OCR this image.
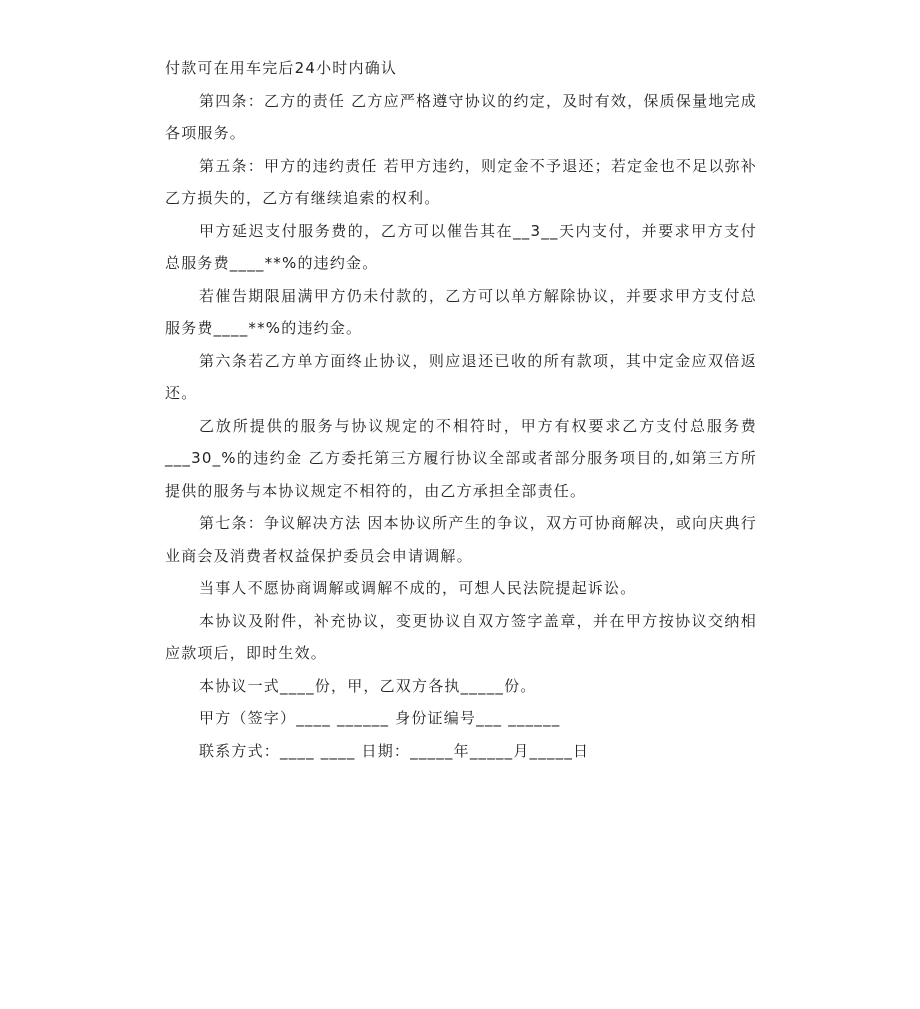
付款可在用车完后24小时内确认

第四条：乙方的责任 乙方应严格遵守协议的约定，及时有效，保质保量地完成各项服务。

第五条：甲方的违约责任 若甲方违约，则定金不予退还；若定金也不足以弥补乙方损失的，乙方有继续追索的权利。

甲方延迟支付服务费的，乙方可以催告其在__3__天内支付，并要求甲方支付总服务费____**%的违约金。

若催告期限届满甲方仍未付款的，乙方可以单方解除协议，并要求甲方支付总服务费____**%的违约金。

第六条若乙方单方面终止协议，则应退还已收的所有款项，其中定金应双倍返还。

乙放所提供的服务与协议规定的不相符时，甲方有权要求乙方支付总服务费___30_%的违约金 乙方委托第三方履行协议全部或者部分服务项目的,如第三方所提供的服务与本协议规定不相符的，由乙方承担全部责任。

第七条：争议解决方法 因本协议所产生的争议，双方可协商解决，或向庆典行业商会及消费者权益保护委员会申请调解。

当事人不愿协商调解或调解不成的，可想人民法院提起诉讼。

本协议及附件，补充协议，变更协议自双方签字盖章，并在甲方按协议交纳相应款项后，即时生效。

本协议一式____份，甲，乙双方各执_____份。

甲方（签字）____ ______ 身份证编号___ ______

联系方式：____ ____ 日期：_____年_____月_____日
